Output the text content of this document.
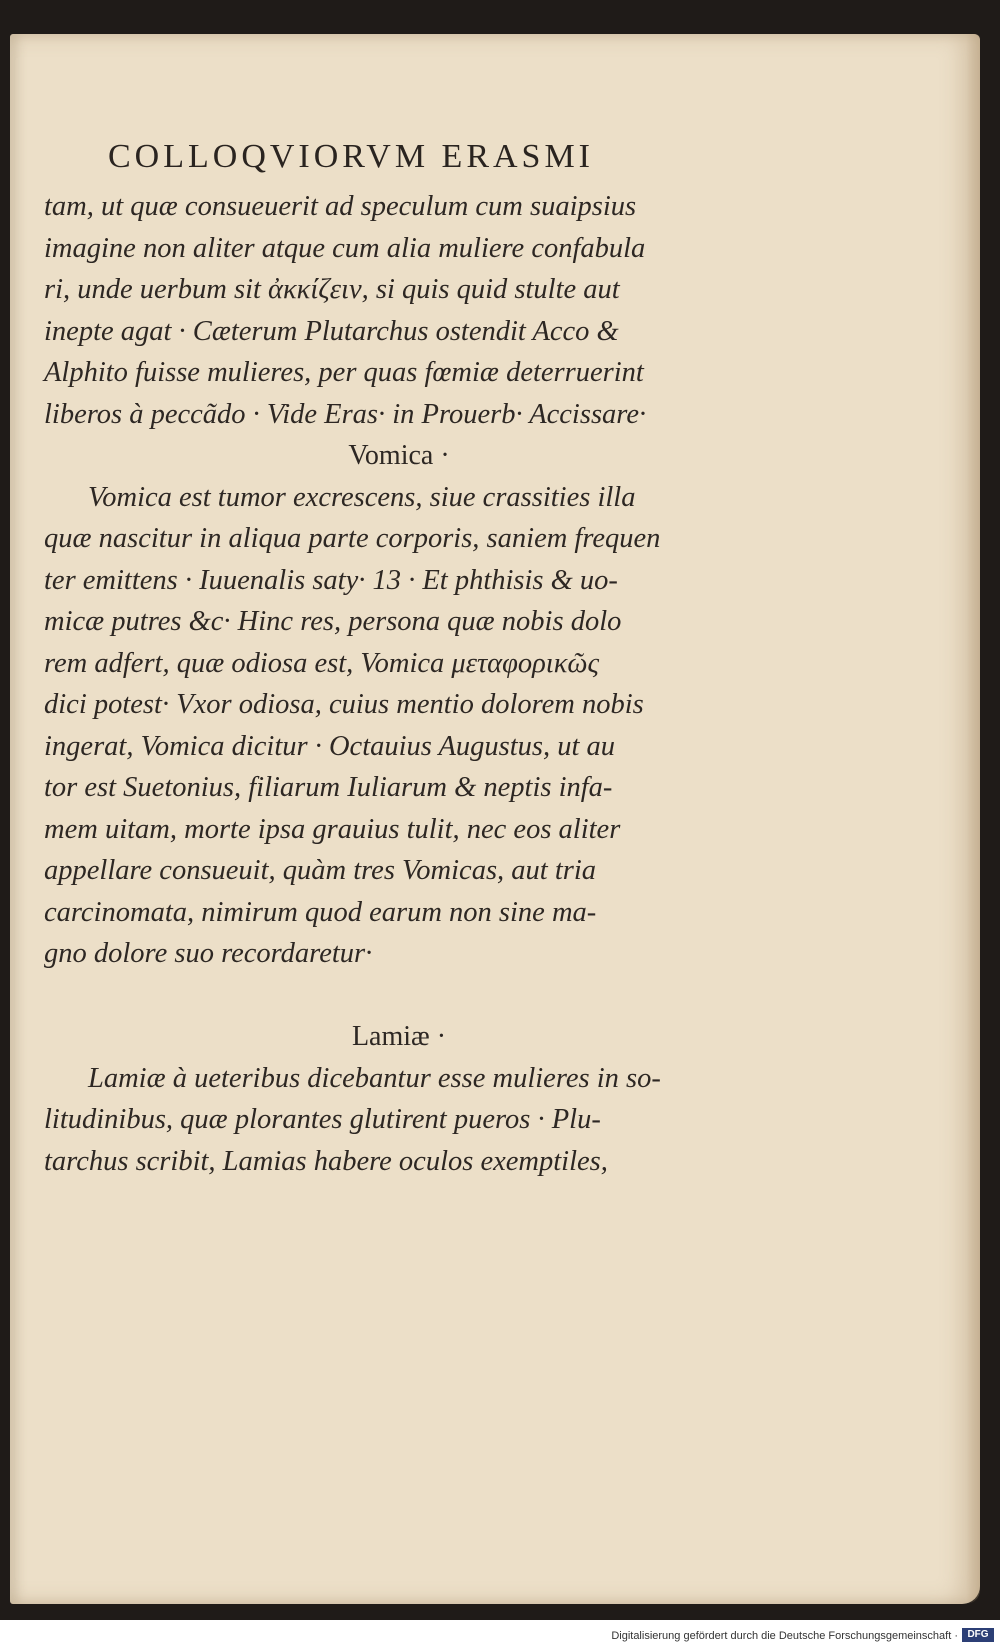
COLLOQVIORVM ERASMI
tam, ut quæ consueuerit ad speculum cum suaipsius
imagine non aliter atque cum alia muliere confabula
ri, unde uerbum sit ἀκκίζειν, si quis quid stulte aut
inepte agat · Cæterum Plutarchus ostendit Acco &
Alphito fuisse mulieres, per quas fœmiæ deterruerint
liberos à peccãdo · Vide Eras· in Prouerb· Accissare·
Vomica ·
Vomica est tumor excrescens, siue crassities illa
quæ nascitur in aliqua parte corporis, saniem frequen
ter emittens · Iuuenalis saty· 13 · Et phthisis & uo-
micæ putres &c· Hinc res, persona quæ nobis dolo
rem adfert, quæ odiosa est, Vomica μεταφορικῶς
dici potest· Vxor odiosa, cuius mentio dolorem nobis
ingerat, Vomica dicitur · Octauius Augustus, ut au
tor est Suetonius, filiarum Iuliarum & neptis infa-
mem uitam, morte ipsa grauius tulit, nec eos aliter
appellare consueuit, quàm tres Vomicas, aut tria
carcinomata, nimirum quod earum non sine ma-
gno dolore suo recordaretur·
Lamiæ ·
Lamiæ à ueteribus dicebantur esse mulieres in so-
litudinibus, quæ plorantes glutirent pueros · Plu-
tarchus scribit, Lamias habere oculos exemptiles,
Digitalisierung gefördert durch die Deutsche Forschungsgemeinschaft · DFG
